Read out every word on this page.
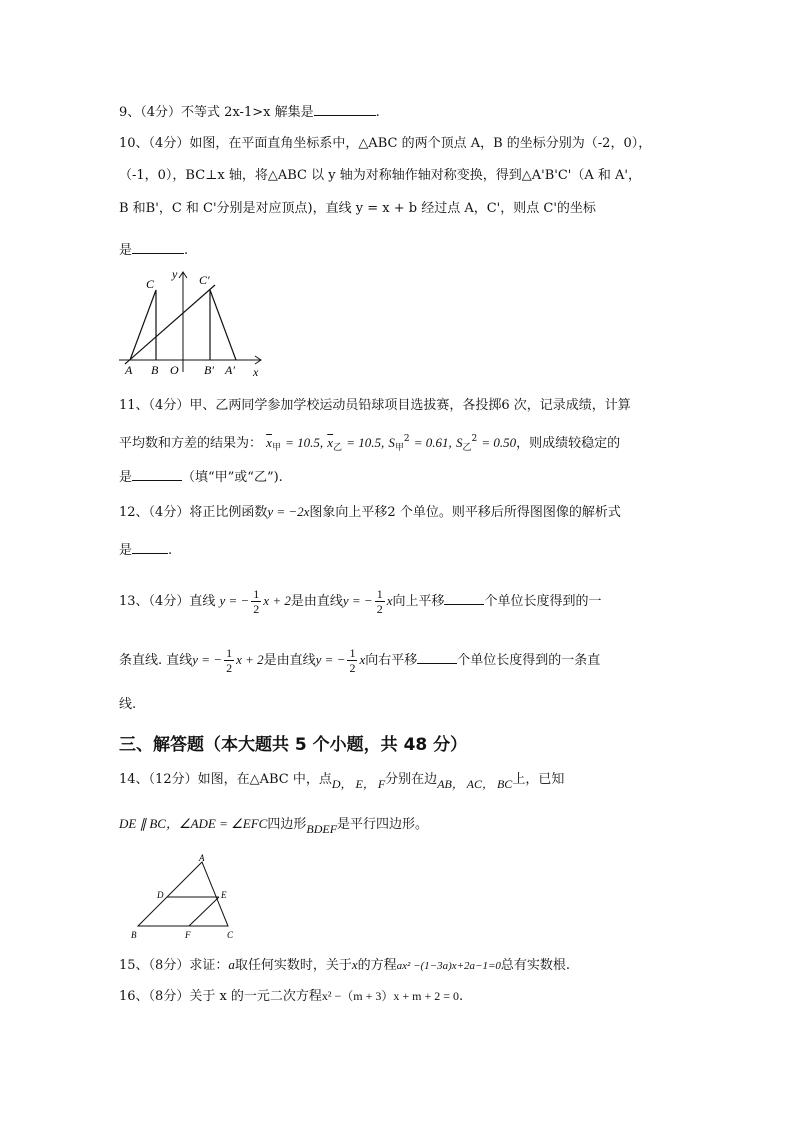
9、（4分）不等式 2x-1>x 解集是	.
10、（4分）如图，在平面直角坐标系中，△ABC 的两个顶点 A，B 的坐标分别为（-2，0），
（-1，0），BC⊥x 轴，将△ABC 以 y 轴为对称轴作轴对称变换，得到△A'B'C'（A 和 A'，
B 和B'，C 和 C'分别是对应顶点)，直线 y = x + b 经过点 A，C'，则点 C'的坐标
是	.
C	C′
y
A B O B′ A′ x
11、（4分）甲、乙两同学参加学校运动员铅球项目选拔赛，各投掷6 次，记录成绩，计算
平均数和方差的结果为： $\overline{x}_甲 = 10.5$, $\overline{x}_乙 = 10.5$, $S_甲^2 = 0.61$, $S_乙^2 = 0.50$，则成绩较稳定的
是	（填“甲”或“乙”).
12、（4分）将正比例函数y = −2x图象向上平移2 个单位。则平移后所得图图像的解析式
是	.
13、（4分）直线 y = − $\frac{1}{2}$ x + 2是由直线y = − $\frac{1}{2}$ x向上平移	个单位长度得到的一
条直线. 直线y = − $\frac{1}{2}$ x + 2是由直线y = − $\frac{1}{2}$ x向右平移	个单位长度得到的一条直
线.
三、解答题（本大题共 5 个小题，共 48 分）
14、（12分）如图，在△ABC 中，点D， E， F分别在边AB， AC， BC上，已知
DE ∥ BC，∠ADE = ∠EFC四边形BDEF是平行四边形。
A
D	E
B	F	C
15、（8分）求证：a取任何实数时，关于x的方程ax² −(1−3a)x+2a−1=0总有实数根.
16、（8分）关于 x 的一元二次方程x² −（m + 3）x + m + 2 = 0.
